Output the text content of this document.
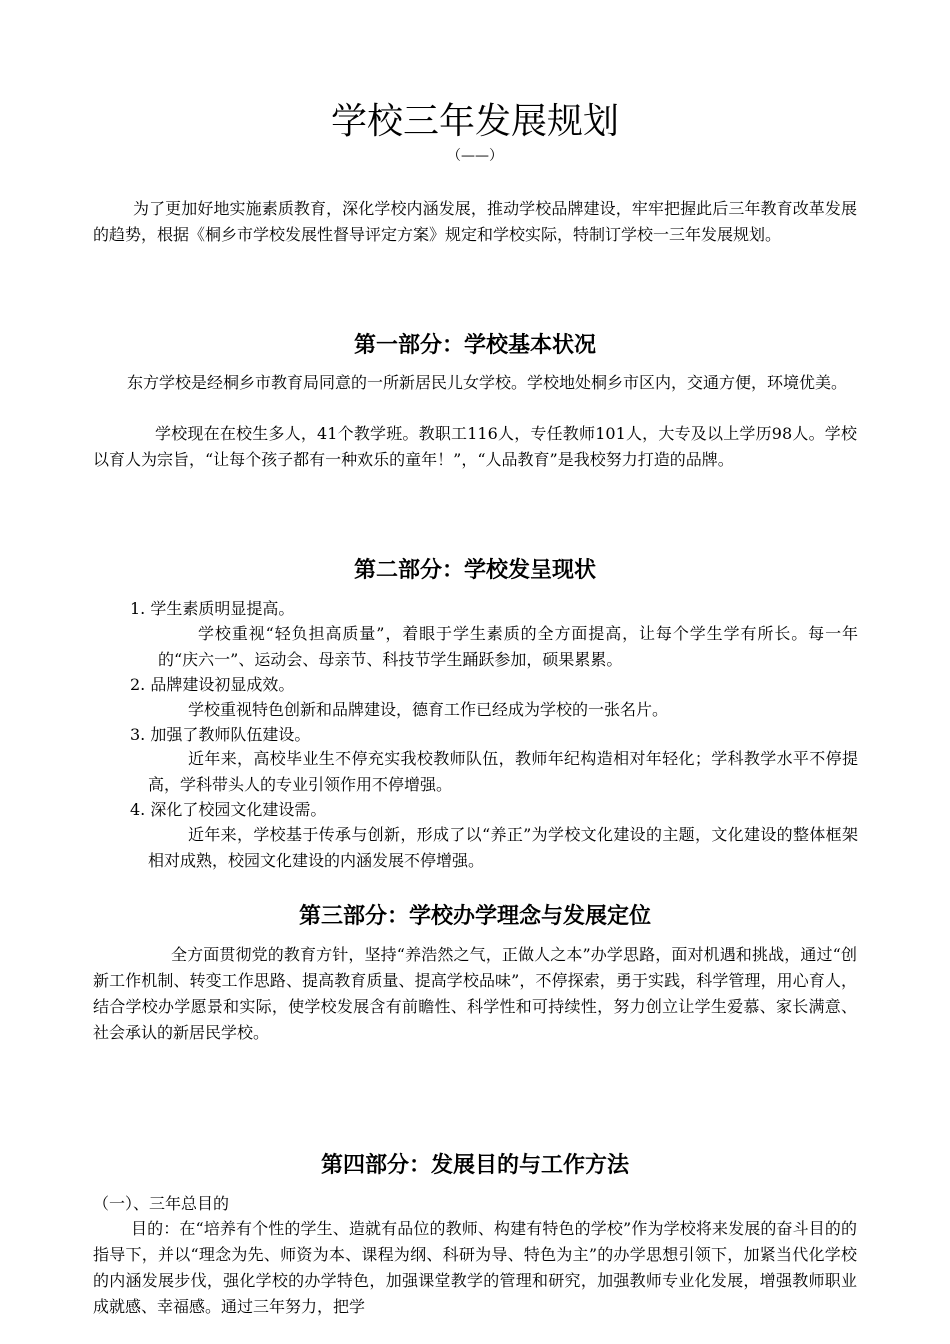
学校三年发展规划
（——）

为了更加好地实施素质教育，深化学校内涵发展，推动学校品牌建设，牢牢把握此后三年教育改革发展的趋势，根据《桐乡市学校发展性督导评定方案》规定和学校实际，特制订学校一三年发展规划。

第一部分：学校基本状况

东方学校是经桐乡市教育局同意的一所新居民儿女学校。学校地处桐乡市区内，交通方便，环境优美。

学校现在在校生多人，41个教学班。教职工116人，专任教师101人，大专及以上学历98人。学校以育人为宗旨，“让每个孩子都有一种欢乐的童年！”，“人品教育”是我校努力打造的品牌。

第二部分：学校发呈现状
1. 学生素质明显提高。

学校重视“轻负担高质量”，着眼于学生素质的全方面提高，让每个学生学有所长。每一年的“庆六一”、运动会、母亲节、科技节学生踊跃参加，硕果累累。

2. 品牌建设初显成效。

学校重视特色创新和品牌建设，德育工作已经成为学校的一张名片。

3. 加强了教师队伍建设。

近年来，高校毕业生不停充实我校教师队伍，教师年纪构造相对年轻化；学科教学水平不停提高，学科带头人的专业引领作用不停增强。

4. 深化了校园文化建设需。

近年来，学校基于传承与创新，形成了以“养正”为学校文化建设的主题，文化建设的整体框架相对成熟，校园文化建设的内涵发展不停增强。

第三部分：学校办学理念与发展定位

全方面贯彻党的教育方针，坚持“养浩然之气，正做人之本”办学思路，面对机遇和挑战，通过“创新工作机制、转变工作思路、提高教育质量、提高学校品味”，不停探索，勇于实践，科学管理，用心育人，结合学校办学愿景和实际，使学校发展含有前瞻性、科学性和可持续性，努力创立让学生爱慕、家长满意、社会承认的新居民学校。

第四部分：发展目的与工作方法
（一）、三年总目的

目的：在“培养有个性的学生、造就有品位的教师、构建有特色的学校”作为学校将来发展的奋斗目的的指导下，并以“理念为先、师资为本、课程为纲、科研为导、特色为主”的办学思想引领下，加紧当代化学校的内涵发展步伐，强化学校的办学特色，加强课堂教学的管理和研究，加强教师专业化发展，增强教师职业成就感、幸福感。通过三年努力，把学
